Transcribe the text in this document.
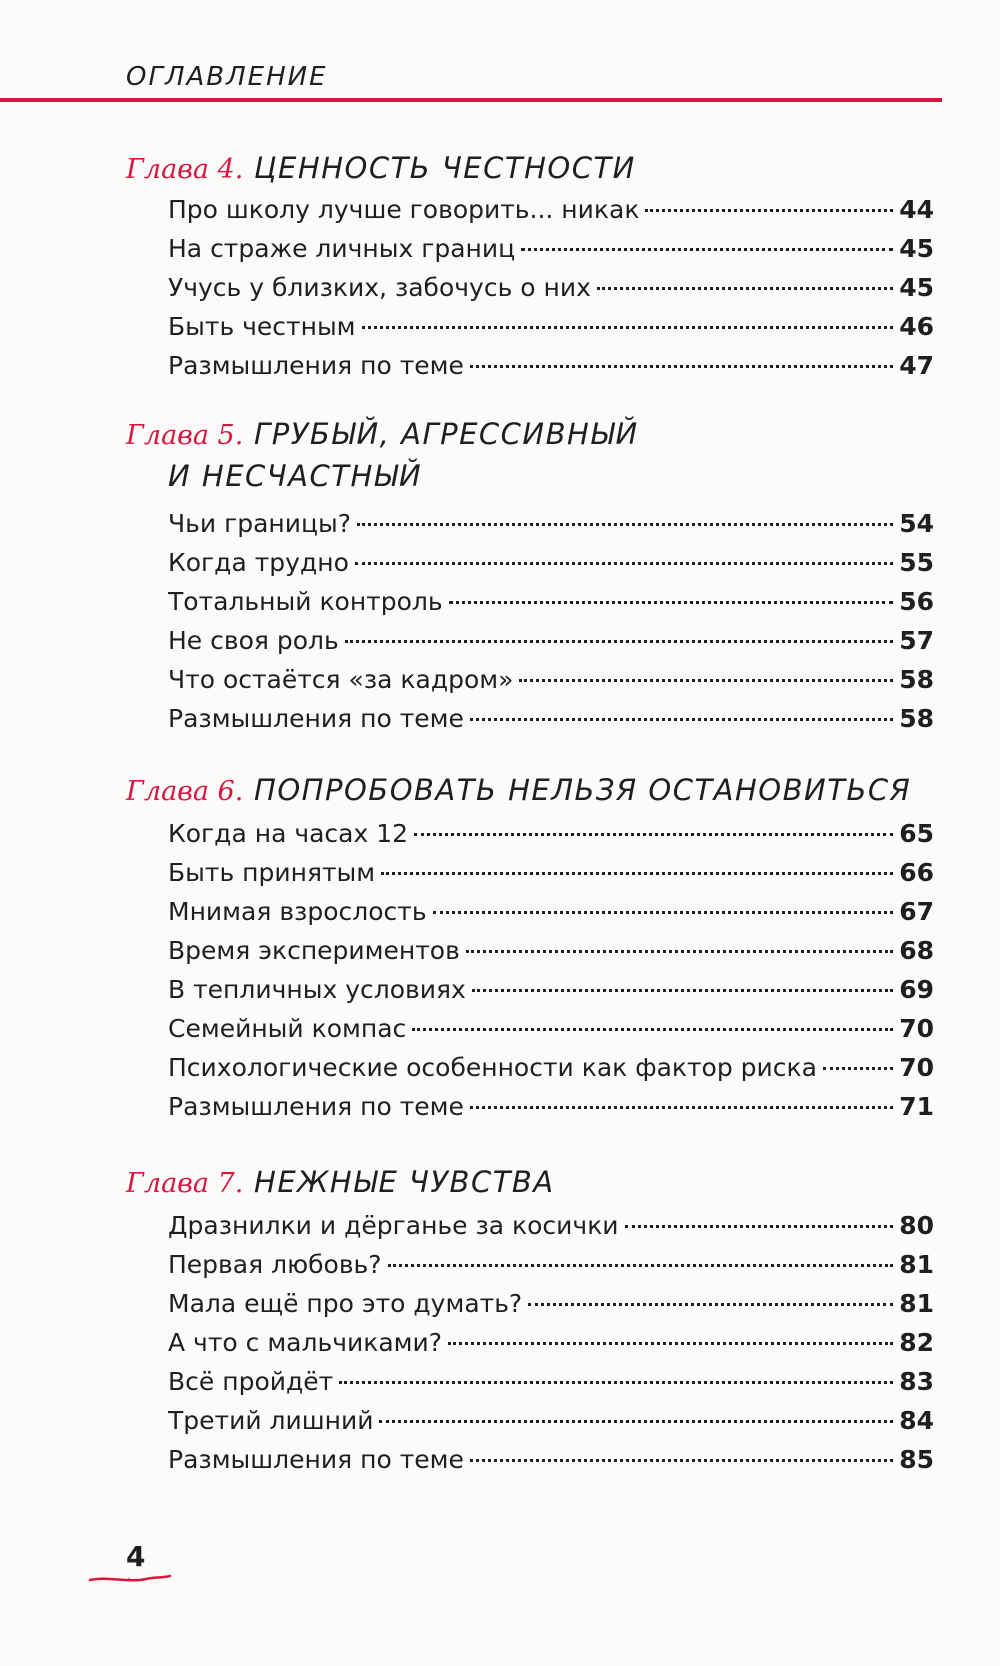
ОГЛАВЛЕНИЕ
Глава 4. ЦЕННОСТЬ ЧЕСТНОСТИ
Про школу лучше говорить... никак	44
На страже личных границ	45
Учусь у близких, забочусь о них	45
Быть честным	46
Размышления по теме	47
Глава 5. ГРУБЫЙ, АГРЕССИВНЫЙ
И НЕСЧАСТНЫЙ
Чьи границы?	54
Когда трудно	55
Тотальный контроль	56
Не своя роль	57
Что остаётся «за кадром»	58
Размышления по теме	58
Глава 6. ПОПРОБОВАТЬ НЕЛЬЗЯ ОСТАНОВИТЬСЯ
Когда на часах 12	65
Быть принятым	66
Мнимая взрослость	67
Время экспериментов	68
В тепличных условиях	69
Семейный компас	70
Психологические особенности как фактор риска	70
Размышления по теме	71
Глава 7. НЕЖНЫЕ ЧУВСТВА
Дразнилки и дёрганье за косички	80
Первая любовь?	81
Мала ещё про это думать?	81
А что с мальчиками?	82
Всё пройдёт	83
Третий лишний	84
Размышления по теме	85
4
